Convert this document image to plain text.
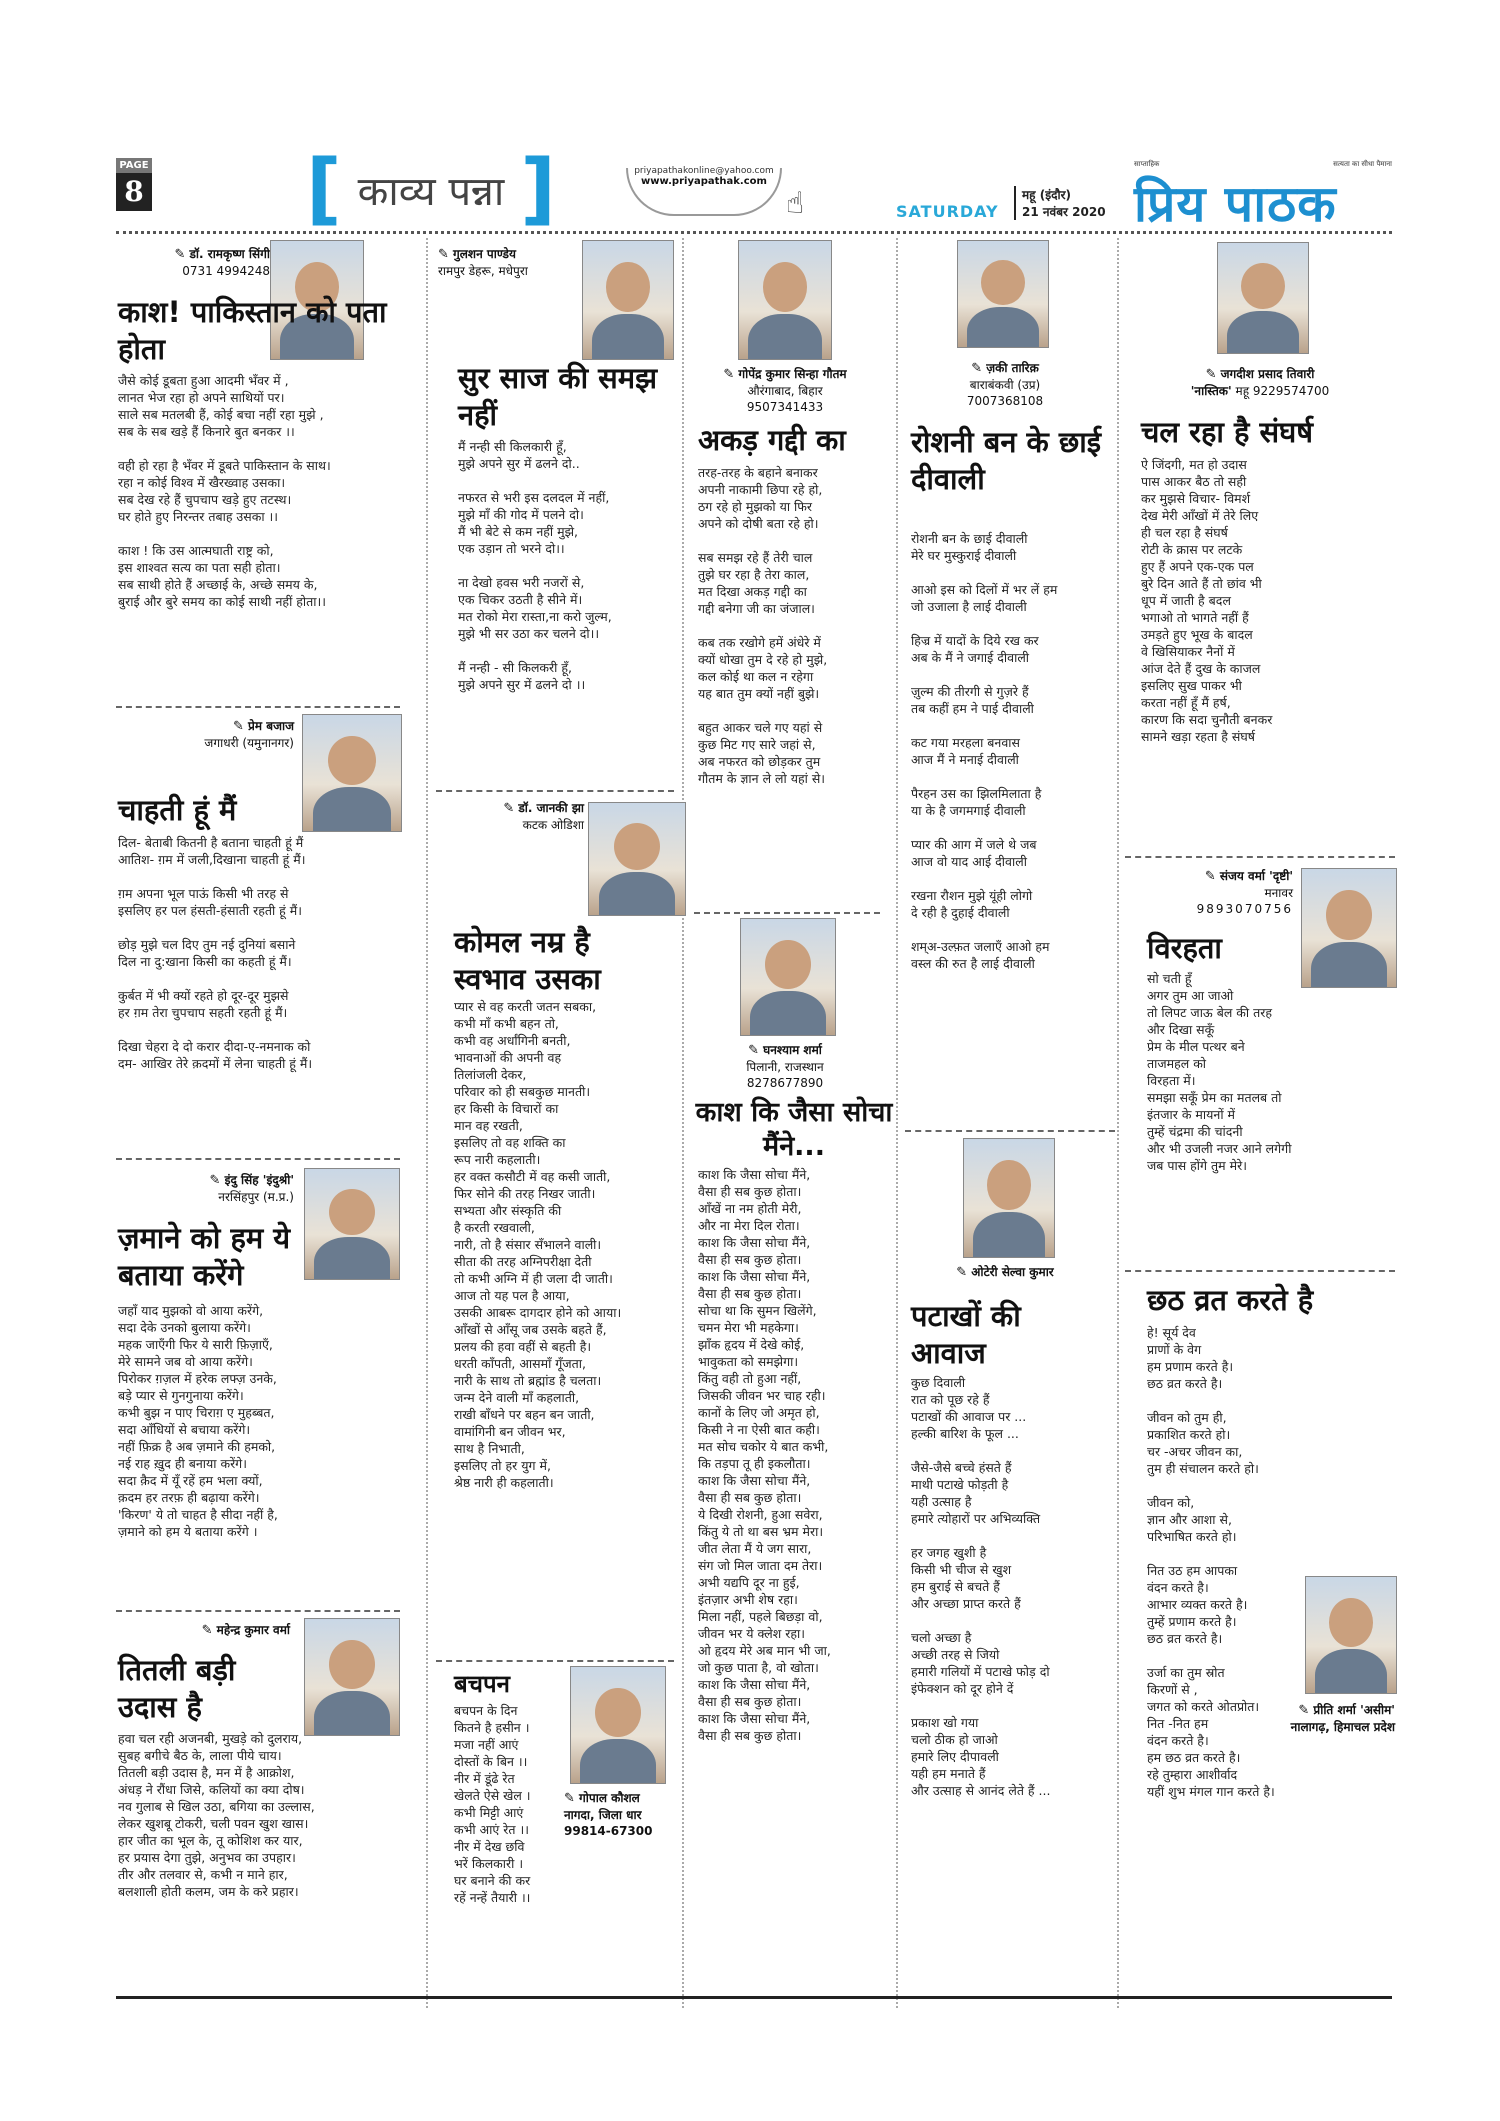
PAGE
8 [ काव्य पन्ना ]	priyapathakonline@yahoo.com
www.priyapathak.com
☝	SATURDAY
महू (इंदौर)
21 नवंबर 2020
साप्ताहिक	सत्यता का सीधा पैमाना
प्रिय पाठक
✎ डॉ. रामकृष्ण सिंगी
0731 4994248
काश! पाकिस्तान को पता होता
जैसे कोई डूबता हुआ आदमी भँवर में ,
लानत भेज रहा हो अपने साथियों पर।
साले सब मतलबी हैं, कोई बचा नहीं रहा मुझे ,
सब के सब खड़े हैं किनारे बुत बनकर ।।

वही हो रहा है भँवर में डूबते पाकिस्तान के साथ।
रहा न कोई विश्व में खैरख्वाह उसका।
सब देख रहे हैं चुपचाप खड़े हुए तटस्थ।
घर होते हुए निरन्तर तबाह उसका ।।

काश ! कि उस आत्मघाती राष्ट्र को,
इस शाश्वत सत्य का पता सही होता।
सब साथी होते हैं अच्छाई के, अच्छे समय के,
बुराई और बुरे समय का कोई साथी नहीं होता।।
✎ प्रेम बजाज
जगाधरी (यमुनानगर)
चाहती हूं मैं
दिल- बेताबी कितनी है बताना चाहती हूं मैं
आतिश- ग़म में जली,दिखाना चाहती हूं मैं।

ग़म अपना भूल पाऊं किसी भी तरह से
इसलिए हर पल हंसती-हंसाती रहती हूं मैं।

छोड़ मुझे चल दिए तुम नई दुनियां बसाने
दिल ना दु:खाना किसी का कहती हूं मैं।

कुर्बत में भी क्यों रहते हो दूर-दूर मुझसे
हर ग़म तेरा चुपचाप सहती रहती हूं मैं।

दिखा चेहरा दे दो करार दीदा-ए-नमनाक को
दम- आखिर तेरे क़दमों में लेना चाहती हूं मैं।
✎ इंदु सिंह 'इंदुश्री'
नरसिंहपुर (म.प्र.)
ज़माने को हम ये बताया करेंगे
जहाँ याद मुझको वो आया करेंगे,
सदा देके उनको बुलाया करेंगे।
महक जाएँगी फिर ये सारी फ़िज़ाएँ,
मेरे सामने जब वो आया करेंगे।
पिरोकर ग़ज़ल में हरेक लफ्ज़ उनके,
बड़े प्यार से गुनगुनाया करेंगे।
कभी बुझ न पाए चिराग़ ए मुहब्बत,
सदा आँधियों से बचाया करेंगे।
नहीं फ़िक्र है अब ज़माने की हमको,
नई राह ख़ुद ही बनाया करेंगे।
सदा क़ैद में यूँ रहें हम भला क्यों,
क़दम हर तरफ़ ही बढ़ाया करेंगे।
'किरण' ये तो चाहत है सीदा नहीं है,
ज़माने को हम ये बताया करेंगे ।
✎ महेन्द्र कुमार वर्मा
तितली बड़ी उदास है
हवा चल रही अजनबी, मुखड़े को दुलराय,
सुबह बगीचे बैठ के, लाला पीये चाय।
तितली बड़ी उदास है, मन में है आक्रोश,
अंधड़ ने रौंधा जिसे, कलियों का क्या दोष।
नव गुलाब से खिल उठा, बगिया का उल्लास,
लेकर खुशबू टोकरी, चली पवन खुश खास।
हार जीत का भूल के, तू कोशिश कर यार,
हर प्रयास देगा तुझे, अनुभव का उपहार।
तीर और तलवार से, कभी न माने हार,
बलशाली होती कलम, जम के करे प्रहार।
✎ गुलशन पाण्डेय
रामपुर डेहरू, मधेपुरा
सुर साज की समझ नहीं
मैं नन्ही सी किलकारी हूँ,
मुझे अपने सुर में ढलने दो..

नफरत से भरी इस दलदल में नहीं,
मुझे माँ की गोद में पलने दो।
मैं भी बेटे से कम नहीं मुझे,
एक उड़ान तो भरने दो।।

ना देखो हवस भरी नजरों से,
एक चिकर उठती है सीने में।
मत रोको मेरा रास्ता,ना करो जुल्म,
मुझे भी सर उठा कर चलने दो।।

मैं नन्ही - सी किलकरी हूँ,
मुझे अपने सुर में ढलने दो ।।
✎ डॉ. जानकी झा
कटक ओडिशा
कोमल नम्र है स्वभाव उसका
प्यार से वह करती जतन सबका,
कभी माँ कभी बहन तो,
कभी वह अर्धांगिनी बनती,
भावनाओं की अपनी वह
तिलांजली देकर,
परिवार को ही सबकुछ मानती।
हर किसी के विचारों का
मान वह रखती,
इसलिए तो वह शक्ति का
रूप नारी कहलाती।
हर वक्त कसौटी में वह कसी जाती,
फिर सोने की तरह निखर जाती।
सभ्यता और संस्कृति की
है करती रखवाली,
नारी, तो है संसार सँभालने वाली।
सीता की तरह अग्निपरीक्षा देती
तो कभी अग्नि में ही जला दी जाती।
आज तो यह पल है आया,
उसकी आबरू दागदार होने को आया।
आँखों से आँसू जब उसके बहते हैं,
प्रलय की हवा वहीं से बहती है।
धरती काँपती, आसमाँ गूँजता,
नारी के साथ तो ब्रह्मांड है चलता।
जन्म देने वाली माँ कहलाती,
राखी बाँधने पर बहन बन जाती,
वामांगिनी बन जीवन भर,
साथ है निभाती,
इसलिए तो हर युग में,
श्रेष्ठ नारी ही कहलाती।
बचपन
बचपन के दिन
कितने है हसीन ।
मजा नहीं आएं
दोस्तों के बिन ।।
नीर में डूंढे रेत
खेलते ऐसे खेल ।
कभी मिट्टी आएं
कभी आएं रेत ।।
नीर में देख छवि
भरें किलकारी ।
घर बनाने की कर
रहें नन्हें तैयारी ।।
✎ गोपाल कौशल
नागदा, जिला धार
99814-67300
✎ गोपेंद्र कुमार सिन्हा गौतम
औरंगाबाद, बिहार
9507341433
अकड़ गद्दी का
तरह-तरह के बहाने बनाकर
अपनी नाकामी छिपा रहे हो,
ठग रहे हो मुझको या फिर
अपने को दोषी बता रहे हो।

सब समझ रहे हैं तेरी चाल
तुझे घर रहा है तेरा काल,
मत दिखा अकड़ गद्दी का
गद्दी बनेगा जी का जंजाल।

कब तक रखोगे हमें अंधेरे में
क्यों धोखा तुम दे रहे हो मुझे,
कल कोई था कल न रहेगा
यह बात तुम क्यों नहीं बुझे।

बहुत आकर चले गए यहां से
कुछ मिट गए सारे जहां से,
अब नफरत को छोड़कर तुम
गौतम के ज्ञान ले लो यहां से।
✎ घनश्याम शर्मा
पिलानी, राजस्थान
8278677890
काश कि जैसा सोचा मैंने...
काश कि जैसा सोचा मैंने,
वैसा ही सब कुछ होता।
आँखें ना नम होती मेरी,
और ना मेरा दिल रोता।
काश कि जैसा सोचा मैंने,
वैसा ही सब कुछ होता।
काश कि जैसा सोचा मैंने,
वैसा ही सब कुछ होता।
सोचा था कि सुमन खिलेंगे,
चमन मेरा भी महकेगा।
झाँक हृदय में देखे कोई,
भावुकता को समझेगा।
किंतु वही तो हुआ नहीं,
जिसकी जीवन भर चाह रही।
कानों के लिए जो अमृत हो,
किसी ने ना ऐसी बात कही।
मत सोच चकोर ये बात कभी,
कि तड़पा तू ही इकलौता।
काश कि जैसा सोचा मैंने,
वैसा ही सब कुछ होता।
ये दिखी रोशनी, हुआ सवेरा,
किंतु ये तो था बस भ्रम मेरा।
जीत लेता मैं ये जग सारा,
संग जो मिल जाता दम तेरा।
अभी यद्यपि दूर ना हुई,
इंतज़ार अभी शेष रहा।
मिला नहीं, पहले बिछड़ा वो,
जीवन भर ये क्लेश रहा।
ओ हृदय मेरे अब मान भी जा,
जो कुछ पाता है, वो खोता।
काश कि जैसा सोचा मैंने,
वैसा ही सब कुछ होता।
काश कि जैसा सोचा मैंने,
वैसा ही सब कुछ होता।
✎ ज़की तारिक़
बाराबंकवी (उप्र)
7007368108
रोशनी बन के छाई दीवाली
रोशनी बन के छाई दीवाली
मेरे घर मुस्कुराई दीवाली

आओ इस को दिलों में भर लें हम
जो उजाला है लाई दीवाली

हिज्र में यादों के दिये रख कर
अब के मैं ने जगाई दीवाली

ज़ुल्म की तीरगी से गुज़रे हैं
तब कहीं हम ने पाई दीवाली

कट गया मरहला बनवास
आज मैं ने मनाई दीवाली

पैरहन उस का झिलमिलाता है
या के है जगमगाई दीवाली

प्यार की आग में जले थे जब
आज वो याद आई दीवाली

रखना रौशन मुझे यूंही लोगो
दे रही है दुहाई दीवाली

शम्अ-उल्फ़त जलाएँ आओ हम
वस्ल की रुत है लाई दीवाली
✎ ओटेरी सेल्वा कुमार
पटाखों की आवाज
कुछ दिवाली
रात को पूछ रहे हैं
पटाखों की आवाज पर ...
हल्की बारिश के फूल ...

जैसे-जैसे बच्चे हंसते हैं
माथी पटाखे फोड़ती है
यही उत्साह है
हमारे त्योहारों पर अभिव्यक्ति

हर जगह खुशी है
किसी भी चीज से खुश
हम बुराई से बचते हैं
और अच्छा प्राप्त करते हैं

चलो अच्छा है
अच्छी तरह से जियो
हमारी गलियों में पटाखे फोड़ दो
इंफेक्शन को दूर होने दें

प्रकाश खो गया
चलो ठीक हो जाओ
हमारे लिए दीपावली
यही हम मनाते हैं
और उत्साह से आनंद लेते हैं ...
✎ जगदीश प्रसाद तिवारी
'नास्तिक' महू 9229574700
चल रहा है संघर्ष
ऐ जिंदगी, मत हो उदास
पास आकर बैठ तो सही
कर मुझसे विचार- विमर्श
देख मेरी आँखों में तेरे लिए
ही चल रहा है संघर्ष
रोटी के क्रास पर लटके
हुए हैं अपने एक-एक पल
बुरे दिन आते हैं तो छांव भी
धूप में जाती है बदल
भगाओ तो भागते नहीं हैं
उमड़ते हुए भूख के बादल
वे खिसियाकर नैनों में
आंज देते हैं दुख के काजल
इसलिए सुख पाकर भी
करता नहीं हूँ मैं हर्ष,
कारण कि सदा चुनौती बनकर
सामने खड़ा रहता है संघर्ष
✎ संजय वर्मा 'दृष्टी'
मनावर
9893070756
विरहता
सो चती हूँ
अगर तुम आ जाओ
तो लिपट जाऊ बेल की तरह
और दिखा सकूँ
प्रेम के मील पत्थर बने
ताजमहल को
विरहता में।
समझा सकूँ प्रेम का मतलब तो
इंतजार के मायनों में
तुम्हें चंद्रमा की चांदनी
और भी उजली नजर आने लगेगी
जब पास होंगे तुम मेरे।
छठ व्रत करते है
हे! सूर्य देव
प्राणों के वेग
हम प्रणाम करते है।
छठ व्रत करते है।

जीवन को तुम ही,
प्रकाशित करते हो।
चर -अचर जीवन का,
तुम ही संचालन करते हो।

जीवन को,
ज्ञान और आशा से,
परिभाषित करते हो।

नित उठ हम आपका
वंदन करते है।
आभार व्यक्त करते है।
तुम्हें प्रणाम करते है।
छठ व्रत करते है।

उर्जा का तुम स्रोत
किरणों से ,
जगत को करते ओतप्रोत।
नित -नित हम
वंदन करते है।
हम छठ व्रत करते है।
रहे तुम्हारा आशीर्वाद
यहीं शुभ मंगल गान करते है।
✎ प्रीति शर्मा 'असीम'
नालागढ़, हिमाचल प्रदेश
